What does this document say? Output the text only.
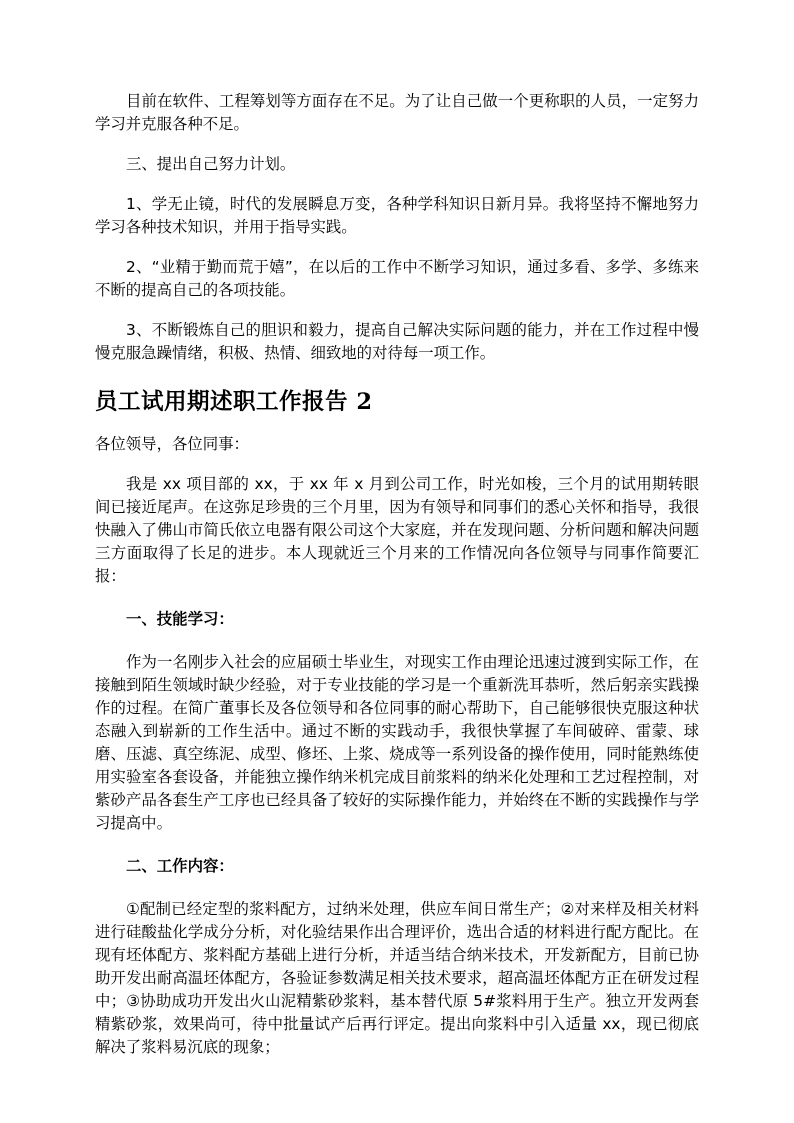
目前在软件、工程筹划等方面存在不足。为了让自己做一个更称职的人员，一定努力学习并克服各种不足。

三、提出自己努力计划。

1、学无止镜，时代的发展瞬息万变，各种学科知识日新月异。我将坚持不懈地努力学习各种技术知识，并用于指导实践。

2、“业精于勤而荒于嬉”，在以后的工作中不断学习知识，通过多看、多学、多练来不断的提高自己的各项技能。

3、不断锻炼自己的胆识和毅力，提高自己解决实际问题的能力，并在工作过程中慢慢克服急躁情绪，积极、热情、细致地的对待每一项工作。

员工试用期述职工作报告 2

各位领导，各位同事：

我是 xx 项目部的 xx，于 xx 年 x 月到公司工作，时光如梭，三个月的试用期转眼间已接近尾声。在这弥足珍贵的三个月里，因为有领导和同事们的悉心关怀和指导，我很快融入了佛山市简氏依立电器有限公司这个大家庭，并在发现问题、分析问题和解决问题三方面取得了长足的进步。本人现就近三个月来的工作情况向各位领导与同事作简要汇报：

一、技能学习：

作为一名刚步入社会的应届硕士毕业生，对现实工作由理论迅速过渡到实际工作，在接触到陌生领域时缺少经验，对于专业技能的学习是一个重新洗耳恭听，然后躬亲实践操作的过程。在简广董事长及各位领导和各位同事的耐心帮助下，自己能够很快克服这种状态融入到崭新的工作生活中。通过不断的实践动手，我很快掌握了车间破碎、雷蒙、球磨、压滤、真空练泥、成型、修坯、上浆、烧成等一系列设备的操作使用，同时能熟练使用实验室各套设备，并能独立操作纳米机完成目前浆料的纳米化处理和工艺过程控制，对紫砂产品各套生产工序也已经具备了较好的实际操作能力，并始终在不断的实践操作与学习提高中。

二、工作内容：

①配制已经定型的浆料配方，过纳米处理，供应车间日常生产；②对来样及相关材料进行硅酸盐化学成分分析，对化验结果作出合理评价，选出合适的材料进行配方配比。在现有坯体配方、浆料配方基础上进行分析，并适当结合纳米技术，开发新配方，目前已协助开发出耐高温坯体配方，各验证参数满足相关技术要求，超高温坯体配方正在研发过程中；③协助成功开发出火山泥精紫砂浆料，基本替代原 5#浆料用于生产。独立开发两套精紫砂浆，效果尚可，待中批量试产后再行评定。提出向浆料中引入适量 xx，现已彻底解决了浆料易沉底的现象；
